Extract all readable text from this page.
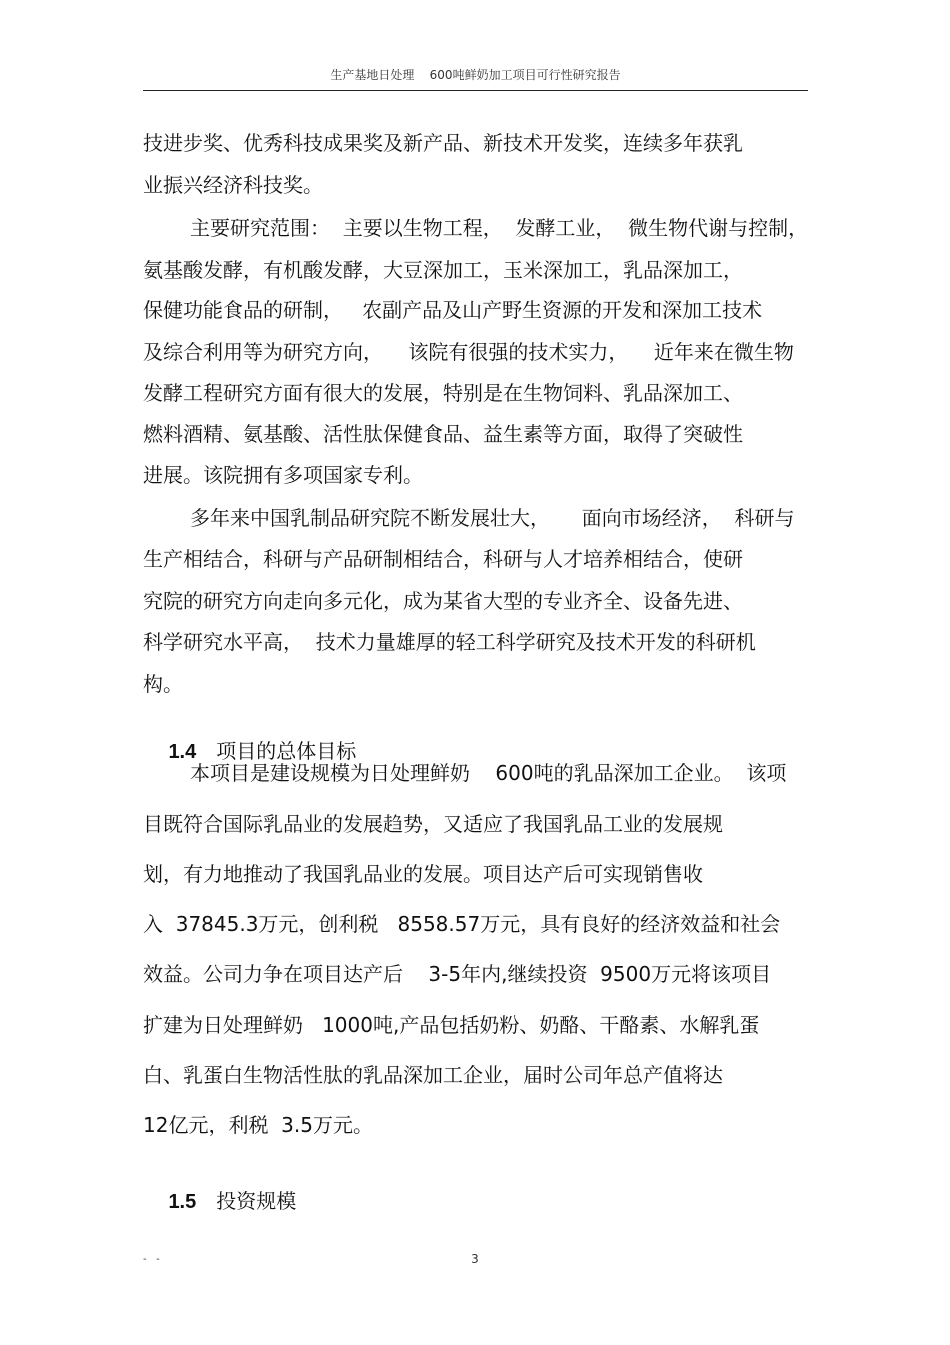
生产基地日处理    600吨鲜奶加工项目可行性研究报告
技进步奖、优秀科技成果奖及新产品、新技术开发奖，连续多年获乳
业振兴经济科技奖。
主要研究范围：  主要以生物工程，  发酵工业，  微生物代谢与控制，
氨基酸发酵，有机酸发酵，大豆深加工，玉米深加工，乳品深加工，
保健功能食品的研制，   农副产品及山产野生资源的开发和深加工技术
及综合利用等为研究方向，    该院有很强的技术实力，    近年来在微生物
发酵工程研究方面有很大的发展，特别是在生物饲料、乳品深加工、
燃料酒精、氨基酸、活性肽保健食品、益生素等方面，取得了突破性
进展。该院拥有多项国家专利。
多年来中国乳制品研究院不断发展壮大，     面向市场经济，  科研与
生产相结合，科研与产品研制相结合，科研与人才培养相结合，使研
究院的研究方向走向多元化，成为某省大型的专业齐全、设备先进、
科学研究水平高，  技术力量雄厚的轻工科学研究及技术开发的科研机
构。

1.4 项目的总体目标

本项目是建设规模为日处理鲜奶    600吨的乳品深加工企业。  该项
目既符合国际乳品业的发展趋势，又适应了我国乳品工业的发展规
划，有力地推动了我国乳品业的发展。项目达产后可实现销售收
入  37845.3万元，创利税   8558.57万元，具有良好的经济效益和社会
效益。公司力争在项目达产后    3-5年内,继续投资  9500万元将该项目
扩建为日处理鲜奶   1000吨,产品包括奶粉、奶酪、干酪素、水解乳蛋
白、乳蛋白生物活性肽的乳品深加工企业，届时公司年总产值将达
12亿元，利税  3.5万元。

1.5 投资规模

-   -	3
